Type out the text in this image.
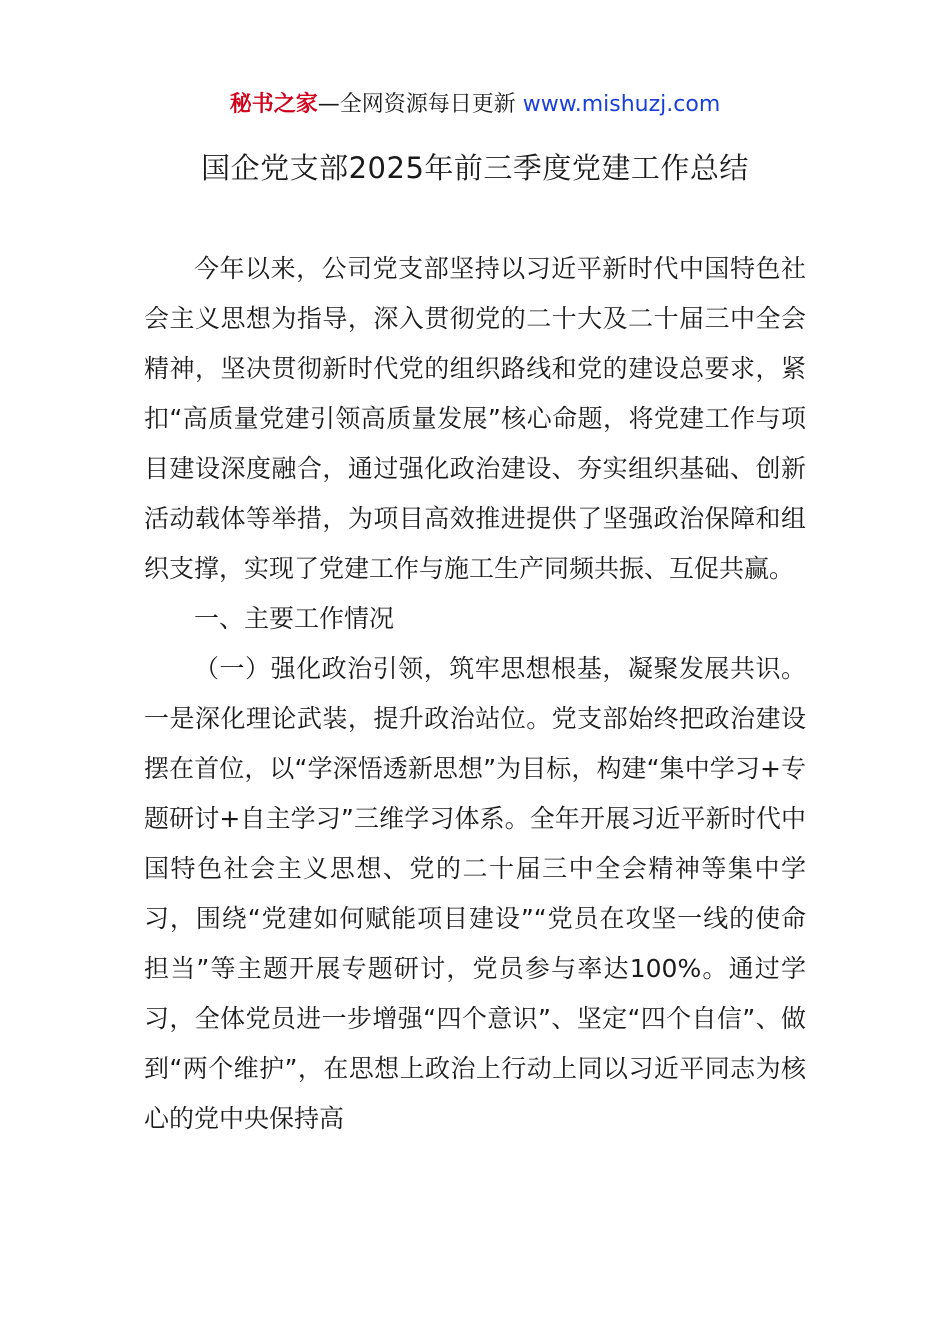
秘书之家—全网资源每日更新 www.mishuzj.com
国企党支部2025年前三季度党建工作总结

今年以来，公司党支部坚持以习近平新时代中国特色社会主义思想为指导，深入贯彻党的二十大及二十届三中全会精神，坚决贯彻新时代党的组织路线和党的建设总要求，紧扣“高质量党建引领高质量发展”核心命题，将党建工作与项目建设深度融合，通过强化政治建设、夯实组织基础、创新活动载体等举措，为项目高效推进提供了坚强政治保障和组织支撑，实现了党建工作与施工生产同频共振、互促共赢。

一、主要工作情况

（一）强化政治引领，筑牢思想根基，凝聚发展共识。一是深化理论武装，提升政治站位。党支部始终把政治建设摆在首位，以“学深悟透新思想”为目标，构建“集中学习+专题研讨+自主学习”三维学习体系。全年开展习近平新时代中国特色社会主义思想、党的二十届三中全会精神等集中学习，围绕“党建如何赋能项目建设”“党员在攻坚一线的使命担当”等主题开展专题研讨，党员参与率达100%。通过学习，全体党员进一步增强“四个意识”、坚定“四个自信”、做到“两个维护”，在思想上政治上行动上同以习近平同志为核心的党中央保持高
